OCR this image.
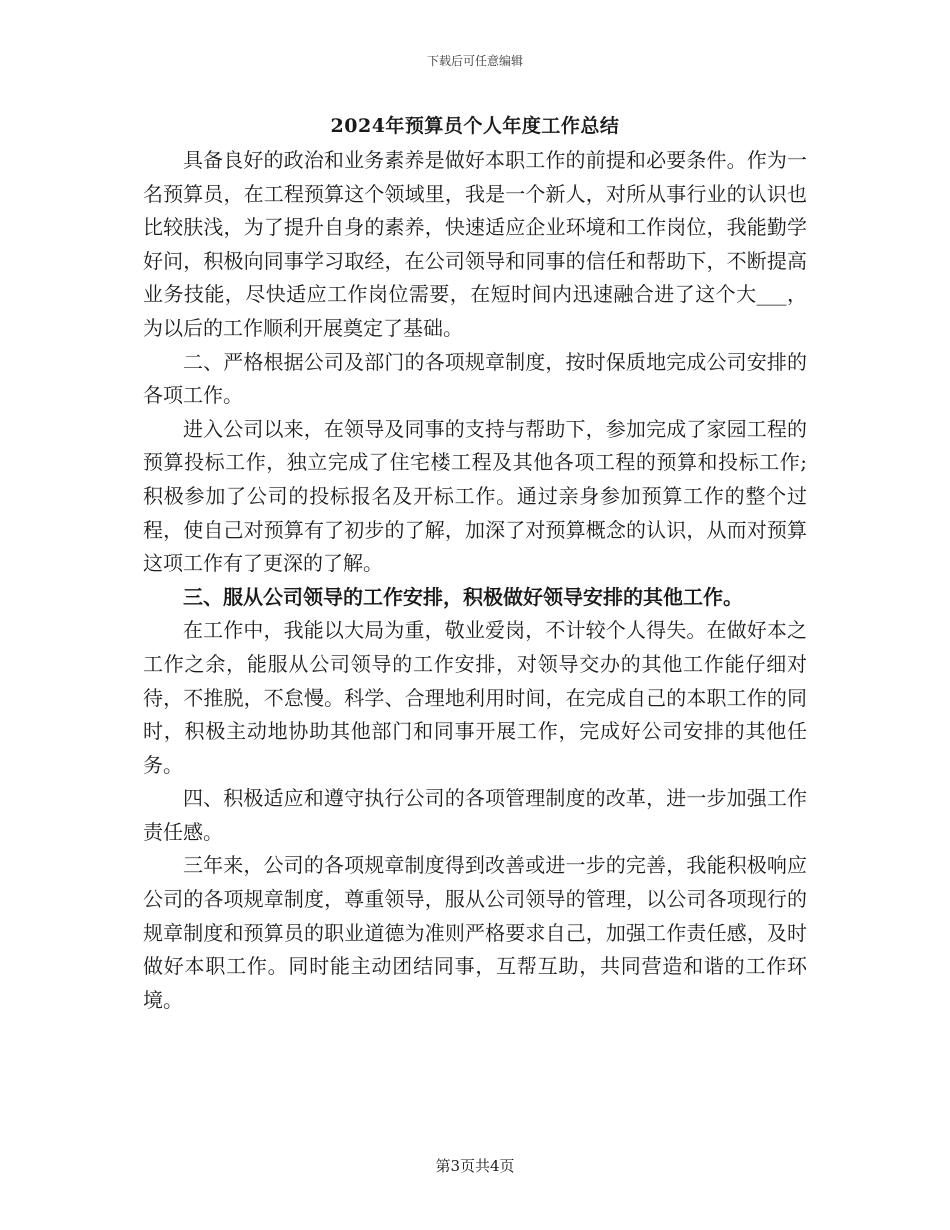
下载后可任意编辑
2024年预算员个人年度工作总结

具备良好的政治和业务素养是做好本职工作的前提和必要条件。作为一名预算员，在工程预算这个领域里，我是一个新人，对所从事行业的认识也比较肤浅，为了提升自身的素养，快速适应企业环境和工作岗位，我能勤学好问，积极向同事学习取经，在公司领导和同事的信任和帮助下，不断提高业务技能，尽快适应工作岗位需要，在短时间内迅速融合进了这个大___，为以后的工作顺利开展奠定了基础。

二、严格根据公司及部门的各项规章制度，按时保质地完成公司安排的各项工作。

进入公司以来，在领导及同事的支持与帮助下，参加完成了家园工程的预算投标工作，独立完成了住宅楼工程及其他各项工程的预算和投标工作;积极参加了公司的投标报名及开标工作。通过亲身参加预算工作的整个过程，使自己对预算有了初步的了解，加深了对预算概念的认识，从而对预算这项工作有了更深的了解。

三、服从公司领导的工作安排，积极做好领导安排的其他工作。

在工作中，我能以大局为重，敬业爱岗，不计较个人得失。在做好本之工作之余，能服从公司领导的工作安排，对领导交办的其他工作能仔细对待，不推脱，不怠慢。科学、合理地利用时间，在完成自己的本职工作的同时，积极主动地协助其他部门和同事开展工作，完成好公司安排的其他任务。

四、积极适应和遵守执行公司的各项管理制度的改革，进一步加强工作责任感。

三年来，公司的各项规章制度得到改善或进一步的完善，我能积极响应公司的各项规章制度，尊重领导，服从公司领导的管理，以公司各项现行的规章制度和预算员的职业道德为准则严格要求自己，加强工作责任感，及时做好本职工作。同时能主动团结同事，互帮互助，共同营造和谐的工作环境。

第3页共4页
